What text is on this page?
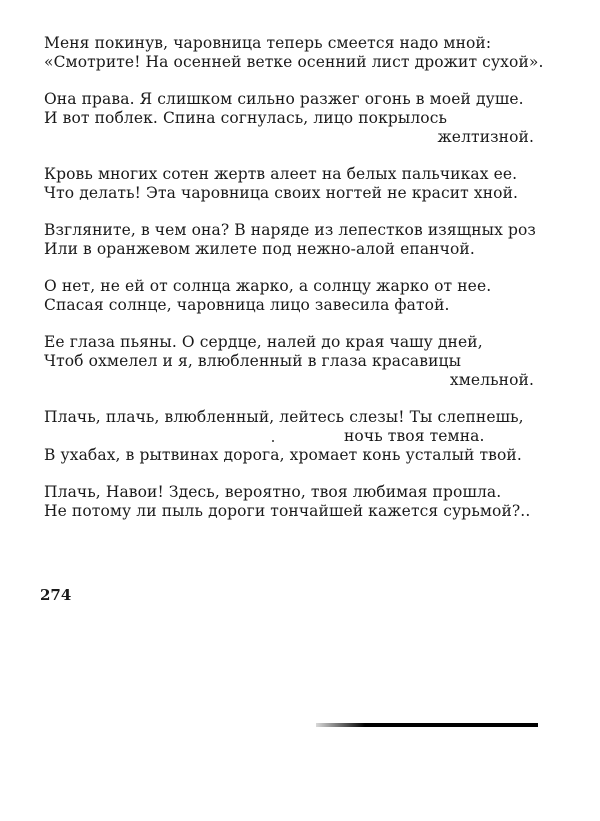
Меня покинув, чаровница теперь смеется надо мной:
«Смотрите! На осенней ветке осенний лист дрожит сухой».
Она права. Я слишком сильно разжег огонь в моей душе.
И вот поблек. Спина согнулась, лицо покрылось
желтизной.
Кровь многих сотен жертв алеет на белых пальчиках ее.
Что делать! Эта чаровница своих ногтей не красит хной.
Взгляните, в чем она? В наряде из лепестков изящных роз
Или в оранжевом жилете под нежно-алой епанчой.
О нет, не ей от солнца жарко, а солнцу жарко от нее.
Спасая солнце, чаровница лицо завесила фатой.
Ее глаза пьяны. О сердце, налей до края чашу дней,
Чтоб охмелел и я, влюбленный в глаза красавицы
хмельной.
Плачь, плачь, влюбленный, лейтесь слезы! Ты слепнешь,
ночь твоя темна.
В ухабах, в рытвинах дорога, хромает конь усталый твой.
Плачь, Навои! Здесь, вероятно, твоя любимая прошла.
Не потому ли пыль дороги тончайшей кажется сурьмой?..
274
